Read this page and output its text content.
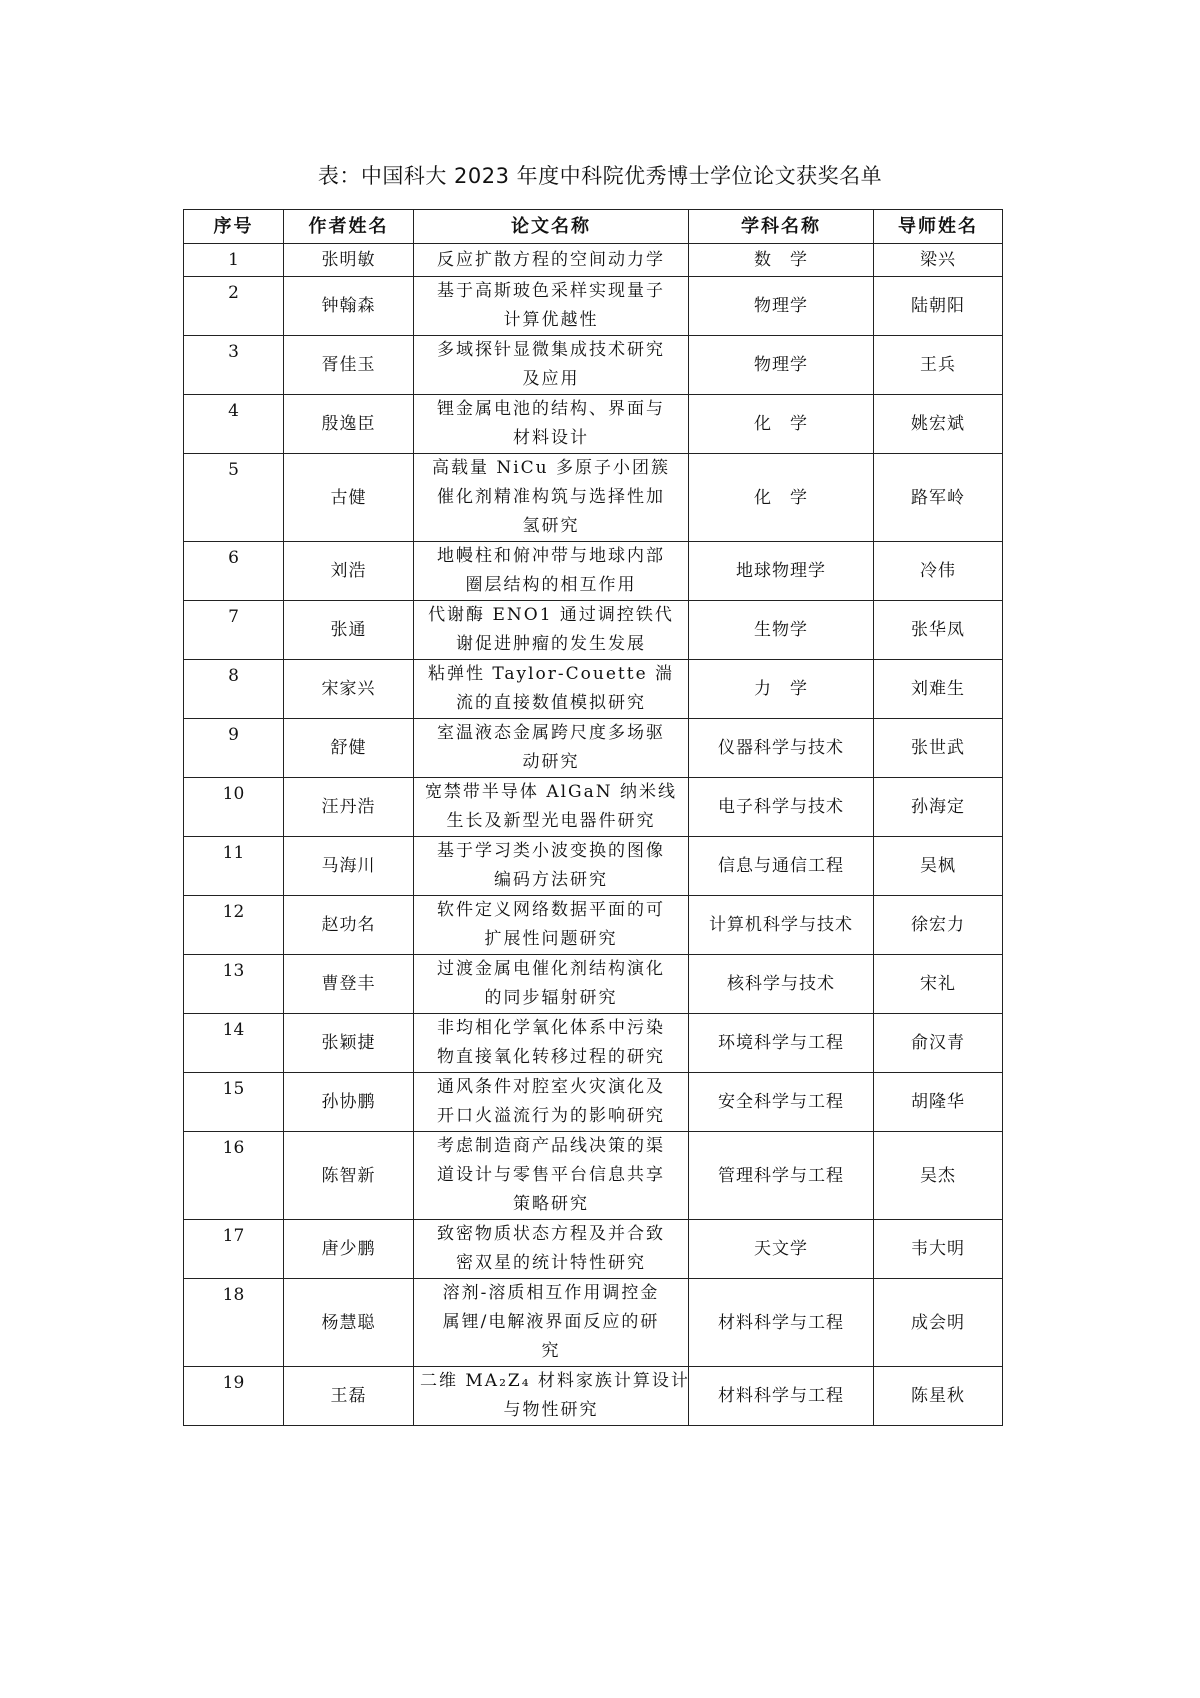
表：中国科大 2023 年度中科院优秀博士学位论文获奖名单
序号	作者姓名	论文名称	学科名称	导师姓名
1	张明敏	反应扩散方程的空间动力学	数　学	梁兴
2	钟翰森	基于高斯玻色采样实现量子
计算优越性	物理学	陆朝阳
3	胥佳玉	多域探针显微集成技术研究
及应用	物理学	王兵
4	殷逸臣	锂金属电池的结构、界面与
材料设计	化　学	姚宏斌
5	古健	高载量 NiCu 多原子小团簇
催化剂精准构筑与选择性加
氢研究	化　学	路军岭
6	刘浩	地幔柱和俯冲带与地球内部
圈层结构的相互作用	地球物理学	冷伟
7	张通	代谢酶 ENO1 通过调控铁代
谢促进肿瘤的发生发展	生物学	张华凤
8	宋家兴	粘弹性 Taylor-Couette 湍
流的直接数值模拟研究	力　学	刘难生
9	舒健	室温液态金属跨尺度多场驱
动研究	仪器科学与技术	张世武
10	汪丹浩	宽禁带半导体 AlGaN 纳米线
生长及新型光电器件研究	电子科学与技术	孙海定
11	马海川	基于学习类小波变换的图像
编码方法研究	信息与通信工程	吴枫
12	赵功名	软件定义网络数据平面的可
扩展性问题研究	计算机科学与技术	徐宏力
13	曹登丰	过渡金属电催化剂结构演化
的同步辐射研究	核科学与技术	宋礼
14	张颖捷	非均相化学氧化体系中污染
物直接氧化转移过程的研究	环境科学与工程	俞汉青
15	孙协鹏	通风条件对腔室火灾演化及
开口火溢流行为的影响研究	安全科学与工程	胡隆华
16	陈智新	考虑制造商产品线决策的渠
道设计与零售平台信息共享
策略研究	管理科学与工程	吴杰
17	唐少鹏	致密物质状态方程及并合致
密双星的统计特性研究	天文学	韦大明
18	杨慧聪	溶剂-溶质相互作用调控金
属锂/电解液界面反应的研
究	材料科学与工程	成会明
19	王磊	二维 MA₂Z₄ 材料家族计算设计
与物性研究	材料科学与工程	陈星秋
